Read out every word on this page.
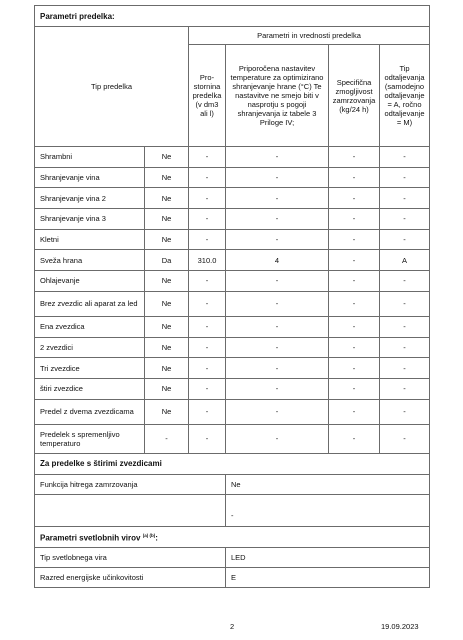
Parametri predelka:					
Tip predelka		Parametri in vrednosti predelka			
		Pro-stornina predelka (v dm3 ali l)	Priporočena nastavitev temperature za optimizirano shranjevanje hrane (°C) Te nastavitve ne smejo biti v nasprotju s pogoji shranjevanja iz tabele 3 Priloge IV;	Specifična zmogljivost zamrzovanja (kg/24 h)	Tip odtaljevanja (samodejno odtaljevanje = A, ročno odtaljevanje = M)
Shrambni	Ne	-	-	-	-
Shranjevanje vina	Ne	-	-	-	-
Shranjevanje vina 2	Ne	-	-	-	-
Shranjevanje vina 3	Ne	-	-	-	-
Kletni	Ne	-	-	-	-
Sveža hrana	Da	310.0	4	-	A
Ohlajevanje	Ne	-	-	-	-
Brez zvezdic ali aparat za led	Ne	-	-	-	-
Ena zvezdica	Ne	-	-	-	-
2 zvezdici	Ne	-	-	-	-
Tri zvezdice	Ne	-	-	-	-
štiri zvezdice	Ne	-	-	-	-
Predel z dvema zvezdicama	Ne	-	-	-	-
Predelek s spremenljivo temperaturo	-	-	-	-	-
Za predelke s štirimi zvezdicami					
Funkcija hitrega zamrzovanja			Ne		
			-		
Parametri svetlobnih virov $^{(a) (b)}$:					
Tip svetlobnega vira			LED		
Razred energijske učinkovitosti			E		
2	19.09.2023
